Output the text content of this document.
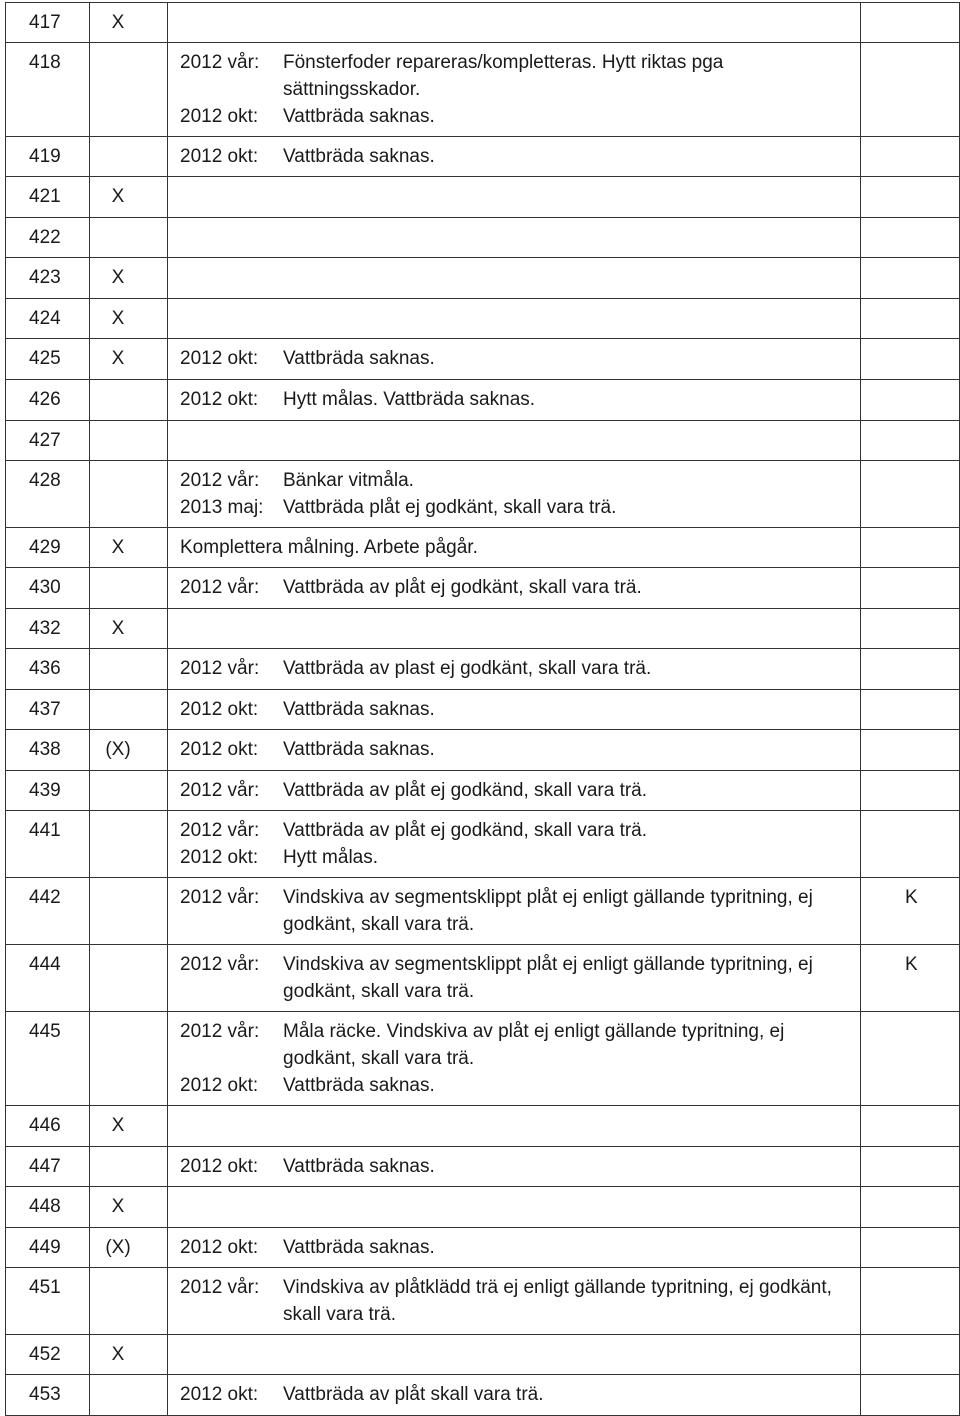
417	X		

418		2012 vår: Fönsterfoder repareras/kompletteras. Hytt riktas pga sättningsskador.
2012 okt: Vattbräda saknas.	

419		2012 okt: Vattbräda saknas.	

421	X		

422			

423	X		

424	X		

425	X	2012 okt: Vattbräda saknas.	

426		2012 okt: Hytt målas. Vattbräda saknas.	

427			

428		2012 vår: Bänkar vitmåla.
2013 maj: Vattbräda plåt ej godkänt, skall vara trä.	

429	X	Komplettera målning. Arbete pågår.	

430		2012 vår: Vattbräda av plåt ej godkänt, skall vara trä.	

432	X		

436		2012 vår: Vattbräda av plast ej godkänt, skall vara trä.	

437		2012 okt: Vattbräda saknas.	

438	(X)	2012 okt: Vattbräda saknas.	

439		2012 vår: Vattbräda av plåt ej godkänd, skall vara trä.	

441		2012 vår: Vattbräda av plåt ej godkänd, skall vara trä.
2012 okt: Hytt målas.	

442		2012 vår: Vindskiva av segmentsklippt plåt ej enligt gällande typritning, ej godkänt, skall vara trä.	K

444		2012 vår: Vindskiva av segmentsklippt plåt ej enligt gällande typritning, ej godkänt, skall vara trä.	K

445		2012 vår: Måla räcke. Vindskiva av plåt ej enligt gällande typritning, ej godkänt, skall vara trä.
2012 okt: Vattbräda saknas.	

446	X		

447		2012 okt: Vattbräda saknas.	

448	X		

449	(X)	2012 okt: Vattbräda saknas.	

451		2012 vår: Vindskiva av plåtklädd trä ej enligt gällande typritning, ej godkänt, skall vara trä.	

452	X		

453		2012 okt: Vattbräda av plåt skall vara trä.	
